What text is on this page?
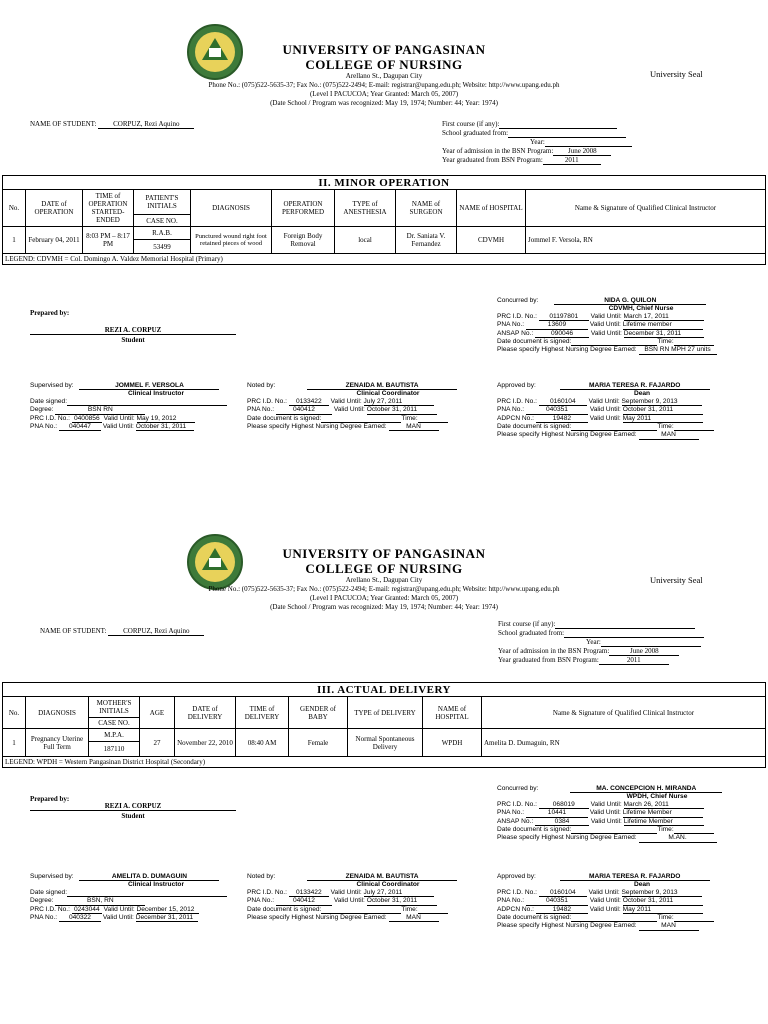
UNIVERSITY OF PANGASINAN
COLLEGE OF NURSING
Arellano St., Dagupan City
Phone No.: (075)522-5635-37; Fax No.: (075)522-2494; E-mail: registrar@upang.edu.ph; Website: http://www.upang.edu.ph
(Level I PACUCOA; Year Granted: March 05, 2007)
(Date School / Program was recognized: May 19, 1974; Number: 44; Year: 1974)
University Seal
NAME OF STUDENT: CORPUZ, Rezi Aquino	First course (if any):
School graduated from:
Year:
Year of admission in the BSN Program: June 2008
Year graduated from BSN Program:	2011
II. MINOR OPERATION									
No.	DATE of OPERATION	TIME of OPERATION STARTED-ENDED	PATIENT'S INITIALS	DIAGNOSIS	OPERATION PERFORMED	TYPE of ANESTHESIA	NAME of SURGEON	NAME of HOSPITAL	Name & Signature of Qualified Clinical Instructor
			CASE NO.						
1	February 04, 2011	8:03 PM – 8:17 PM	R.A.B.	Punctured wound right foot retained pieces of wood	Foreign Body Removal	local	Dr. Saniata V. Fernandez	CDVMH	Jommel F. Versola, RN
			53499						
LEGEND: CDVMH = Col. Domingo A. Valdez Memorial Hospital (Primary)									
Prepared by:
REZI A. CORPUZ
Student
Concurred by:	NIDA G. QUILON
CDVMH, Chief Nurse
PRC I.D. No.: 01197801 Valid Until: March 17, 2011
PNA No.:	13609	Valid Until: Lifetime member
ANSAP No.:	090046	Valid Until: December 31, 2011
Date document is signed:	Time:
Please specify Highest Nursing Degree Earned: BSN RN MPH 27 units
Supervised by:	JOMMEL F. VERSOLA
Clinical Instructor
Date signed:
Degree:	BSN RN
PRC I.D. No.: 0400856 Valid Until: May 19, 2012
PNA No.: 040447 Valid Until: October 31, 2011
Noted by:	ZENAIDA M. BAUTISTA
Clinical Coordinator
PRC I.D. No.: 0133422 Valid Until: July 27, 2011
PNA No.:	040412	Valid Until: October 31, 2011
Date document is signed:	Time:
Please specify Highest Nursing Degree Earned:	MAN
Approved by:	MARIA TERESA R. FAJARDO
Dean
PRC I.D. No.: 0160104 Valid Until: September 9, 2013
PNA No.:	040351	Valid Until: October 31, 2011
ADPCN No.:	19482	Valid Until: May 2011
Date document is signed:	Time:
Please specify Highest Nursing Degree Earned:	MAN
UNIVERSITY OF PANGASINAN
COLLEGE OF NURSING
Arellano St., Dagupan City
Phone No.: (075)522-5635-37; Fax No.: (075)522-2494; E-mail: registrar@upang.edu.ph; Website: http://www.upang.edu.ph
(Level I PACUCOA; Year Granted: March 05, 2007)
(Date School / Program was recognized: May 19, 1974; Number: 44; Year: 1974)
University Seal
NAME OF STUDENT: CORPUZ, Rezi Aquino
First course (if any):
School graduated from:
Year:
Year of admission in the BSN Program:	June 2008
Year graduated from BSN Program:	2011
III. ACTUAL DELIVERY									
No.	DIAGNOSIS	MOTHER'S INITIALS	AGE	DATE of DELIVERY	TIME of DELIVERY	GENDER of BABY	TYPE of DELIVERY	NAME of HOSPITAL	Name & Signature of Qualified Clinical Instructor
		CASE NO.							
1	Pregnancy Uterine Full Term	M.P.A.	27	November 22, 2010	08:40 AM	Female	Normal Spontaneous Delivery	WPDH	Amelita D. Dumaguin, RN
		187110							
LEGEND: WPDH = Western Pangasinan District Hospital (Secondary)									
Prepared by:
REZI A. CORPUZ
Student
Concurred by:	MA. CONCEPCION H. MIRANDA
WPDH, Chief Nurse
PRC I.D. No.: 068019 Valid Until: March 26, 2011
PNA No.:	10441	Valid Until: Lifetime Member
ANSAP No.:	0384	Valid Until: Lifetime Member
Date document is signed:	Time:
Please specify Highest Nursing Degree Earned:	M.AN.
Supervised by:	AMELITA D. DUMAGUIN
Clinical Instructor
Date signed:
Degree:	BSN, RN
PRC I.D. No.: 0243044 Valid Until: December 15, 2012
PNA No.: 040322 Valid Until: December 31, 2011
Noted by:	ZENAIDA M. BAUTISTA
Clinical Coordinator
PRC I.D. No.: 0133422 Valid Until: July 27, 2011
PNA No.:	040412	Valid Until: October 31, 2011
Date document is signed:	Time:
Please specify Highest Nursing Degree Earned:	MAN
Approved by:	MARIA TERESA R. FAJARDO
Dean
PRC I.D. No.: 0160104 Valid Until: September 9, 2013
PNA No.:	040351	Valid Until: October 31, 2011
ADPCN No.:	19482	Valid Until: May 2011
Date document is signed:	Time:
Please specify Highest Nursing Degree Earned:	MAN
